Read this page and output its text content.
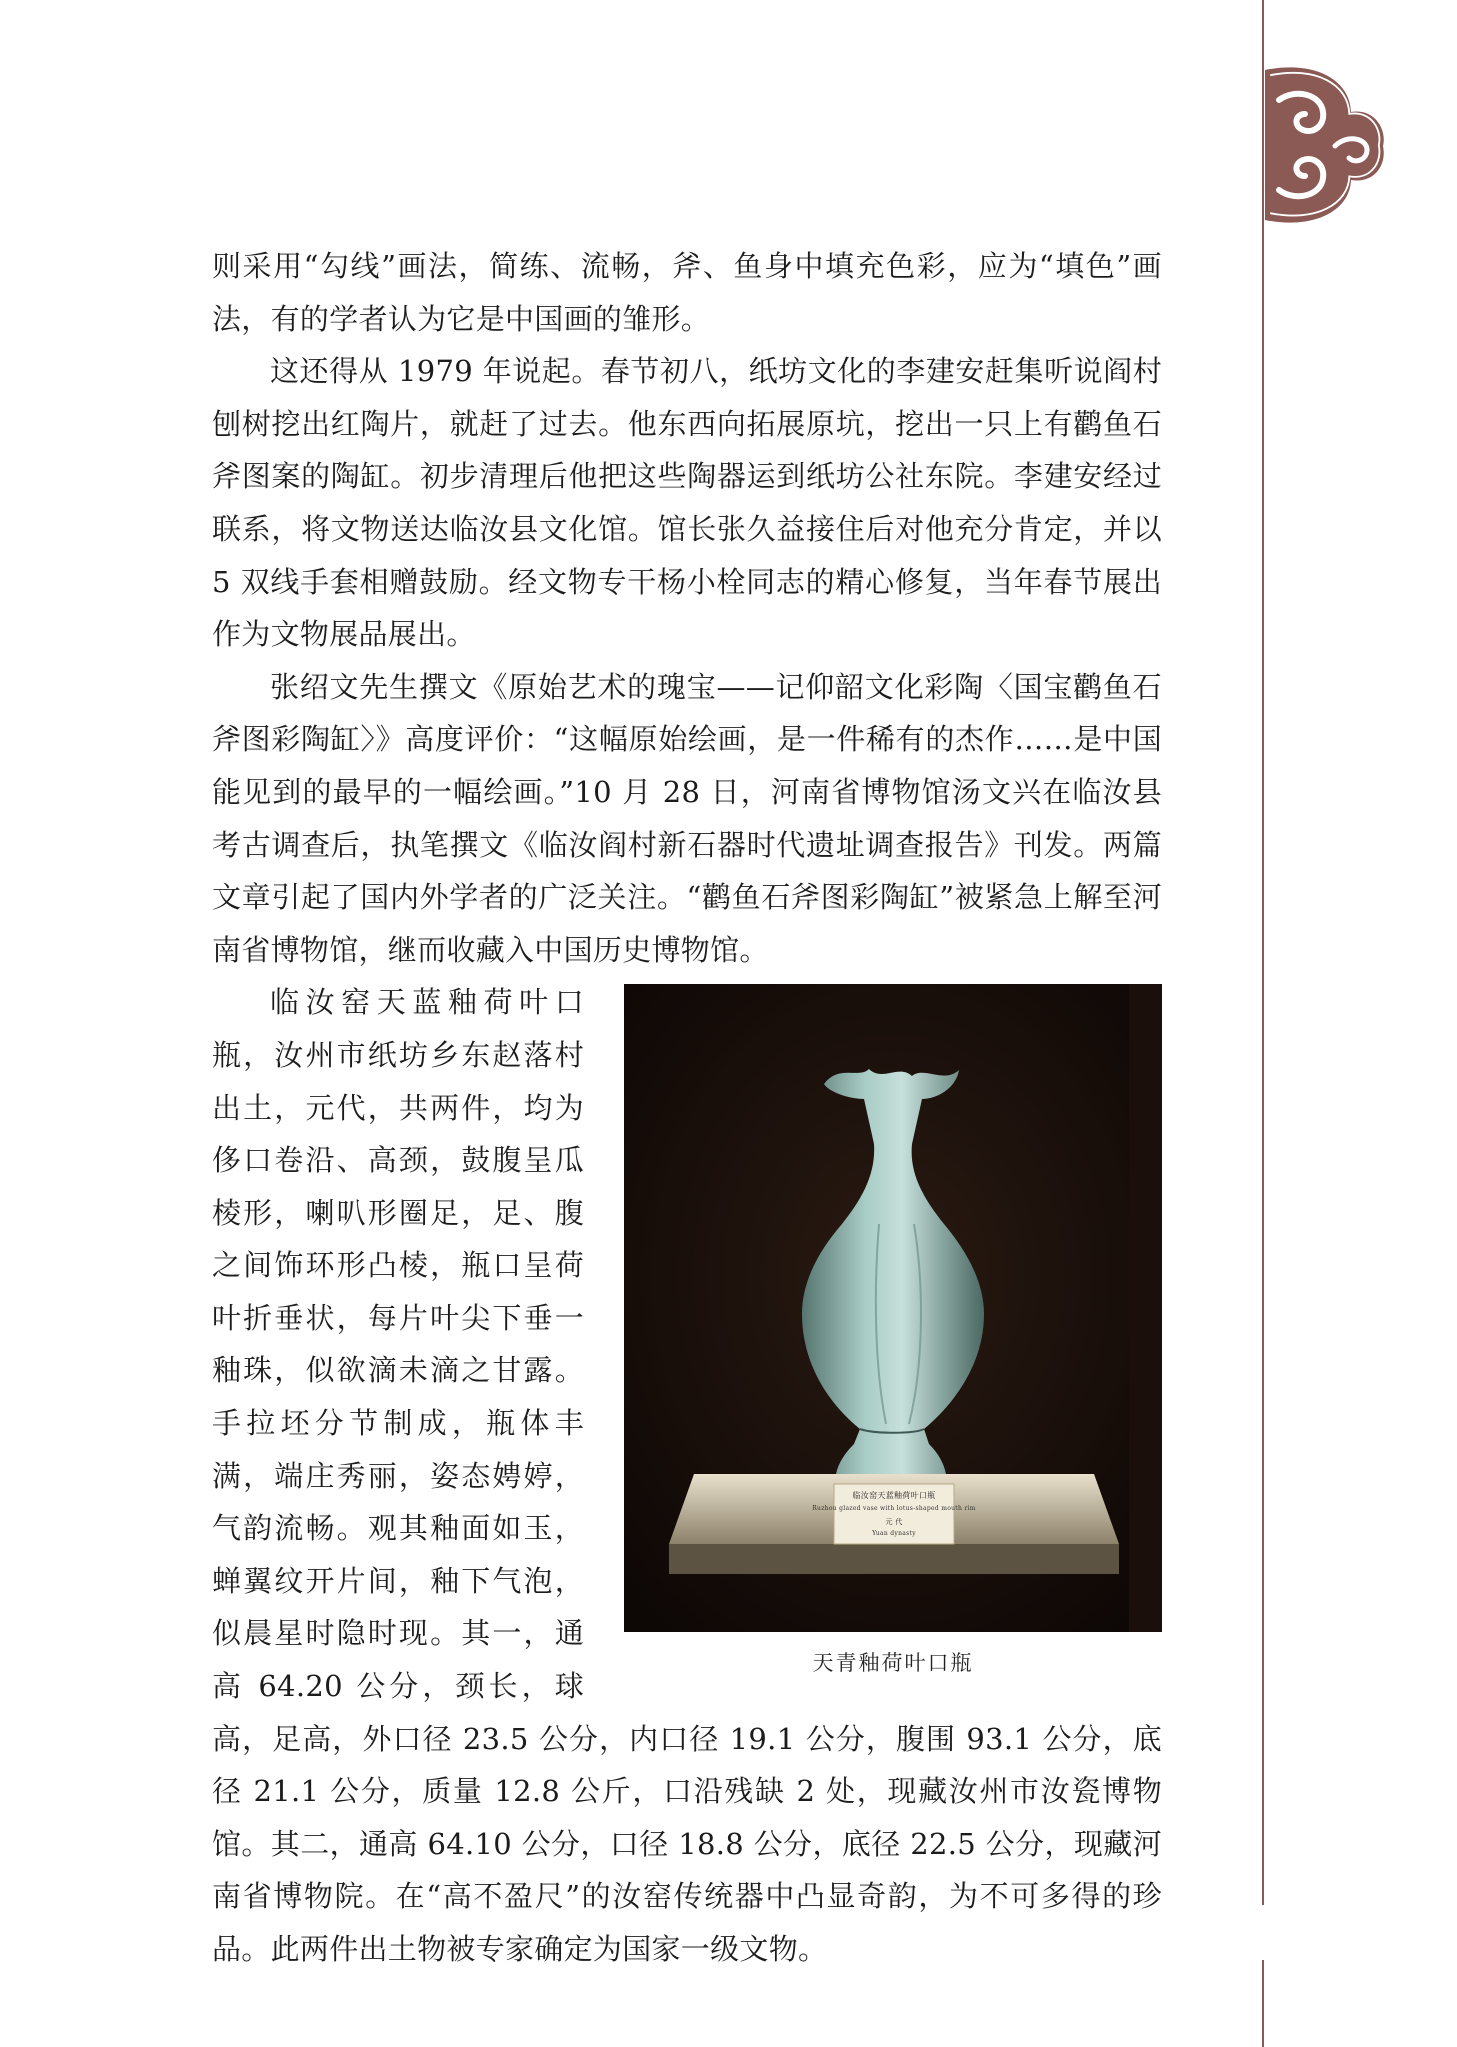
则采用“勾线”画法，简练、流畅，斧、鱼身中填充色彩，应为“填色”画法，有的学者认为它是中国画的雏形。

这还得从 1979 年说起。春节初八，纸坊文化的李建安赶集听说阎村刨树挖出红陶片，就赶了过去。他东西向拓展原坑，挖出一只上有鹳鱼石斧图案的陶缸。初步清理后他把这些陶器运到纸坊公社东院。李建安经过联系，将文物送达临汝县文化馆。馆长张久益接住后对他充分肯定，并以 5 双线手套相赠鼓励。经文物专干杨小栓同志的精心修复，当年春节展出作为文物展品展出。

张绍文先生撰文《原始艺术的瑰宝——记仰韶文化彩陶〈国宝鹳鱼石斧图彩陶缸〉》高度评价：“这幅原始绘画，是一件稀有的杰作……是中国能见到的最早的一幅绘画。”10 月 28 日，河南省博物馆汤文兴在临汝县考古调查后，执笔撰文《临汝阎村新石器时代遗址调查报告》刊发。两篇文章引起了国内外学者的广泛关注。“鹳鱼石斧图彩陶缸”被紧急上解至河南省博物馆，继而收藏入中国历史博物馆。

临汝窑天蓝釉荷叶口瓶
Ruzhou glazed vase with lotus-shaped mouth rim
元 代
Yuan dynasty
天青釉荷叶口瓶

临汝窑天蓝釉荷叶口瓶，汝州市纸坊乡东赵落村出土，元代，共两件，均为侈口卷沿、高颈，鼓腹呈瓜棱形，喇叭形圈足，足、腹之间饰环形凸棱，瓶口呈荷叶折垂状，每片叶尖下垂一釉珠，似欲滴未滴之甘露。手拉坯分节制成，瓶体丰满，端庄秀丽，姿态娉婷，气韵流畅。观其釉面如玉，蝉翼纹开片间，釉下气泡，似晨星时隐时现。其一，通高 64.20 公分，颈长，球高，足高，外口径 23.5 公分，内口径 19.1 公分，腹围 93.1 公分，底径 21.1 公分，质量 12.8 公斤，口沿残缺 2 处，现藏汝州市汝瓷博物馆。其二，通高 64.10 公分，口径 18.8 公分，底径 22.5 公分，现藏河南省博物院。在“高不盈尺”的汝窑传统器中凸显奇韵，为不可多得的珍品。此两件出土物被专家确定为国家一级文物。
